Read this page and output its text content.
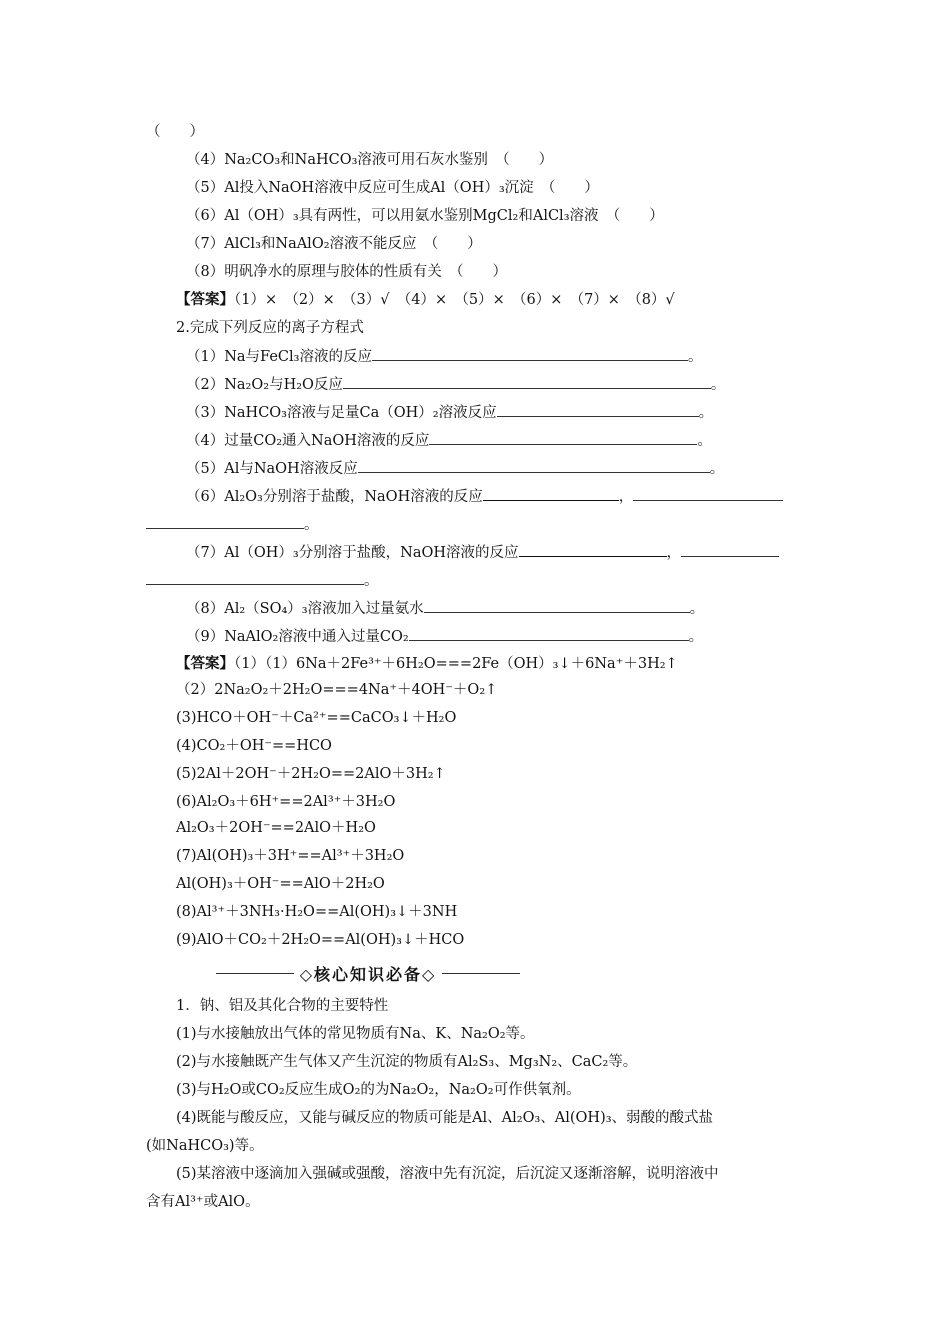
（　　）
（4）Na₂CO₃和NaHCO₃溶液可用石灰水鉴别　（　　）
（5）Al投入NaOH溶液中反应可生成Al（OH）₃沉淀　（　　）
（6）Al（OH）₃具有两性，可以用氨水鉴别MgCl₂和AlCl₃溶液　（　　）
（7）AlCl₃和NaAlO₂溶液不能反应　（　　）
（8）明矾净水的原理与胶体的性质有关　（　　）
【答案】（1）×　（2）×　（3）√　（4）×　（5）×　（6）×　（7）×　（8）√
2.完成下列反应的离子方程式
（1）Na与FeCl₃溶液的反应	。
（2）Na₂O₂与H₂O反应	。
（3）NaHCO₃溶液与足量Ca（OH）₂溶液反应	。
（4）过量CO₂通入NaOH溶液的反应	。
（5）Al与NaOH溶液反应	。
（6）Al₂O₃分别溶于盐酸，NaOH溶液的反应	，
。
（7）Al（OH）₃分别溶于盐酸，NaOH溶液的反应	，
。
（8）Al₂（SO₄）₃溶液加入过量氨水	。
（9）NaAlO₂溶液中通入过量CO₂	。
【答案】（1）（1）6Na＋2Fe³⁺＋6H₂O===2Fe（OH）₃↓＋6Na⁺＋3H₂↑
（2）2Na₂O₂＋2H₂O===4Na⁺＋4OH⁻＋O₂↑
(3)HCO＋OH⁻＋Ca²⁺==CaCO₃↓＋H₂O
(4)CO₂＋OH⁻==HCO
(5)2Al＋2OH⁻＋2H₂O==2AlO＋3H₂↑
(6)Al₂O₃＋6H⁺==2Al³⁺＋3H₂O
Al₂O₃＋2OH⁻==2AlO＋H₂O
(7)Al(OH)₃＋3H⁺==Al³⁺＋3H₂O
Al(OH)₃＋OH⁻==AlO＋2H₂O
(8)Al³⁺＋3NH₃·H₂O==Al(OH)₃↓＋3NH
(9)AlO＋CO₂＋2H₂O==Al(OH)₃↓＋HCO
◇核心知识必备◇
1．钠、铝及其化合物的主要特性
(1)与水接触放出气体的常见物质有Na、K、Na₂O₂等。
(2)与水接触既产生气体又产生沉淀的物质有Al₂S₃、Mg₃N₂、CaC₂等。
(3)与H₂O或CO₂反应生成O₂的为Na₂O₂，Na₂O₂可作供氧剂。
(4)既能与酸反应，又能与碱反应的物质可能是Al、Al₂O₃、Al(OH)₃、弱酸的酸式盐
(如NaHCO₃)等。
(5)某溶液中逐滴加入强碱或强酸，溶液中先有沉淀，后沉淀又逐渐溶解，说明溶液中
含有Al³⁺或AlO。
